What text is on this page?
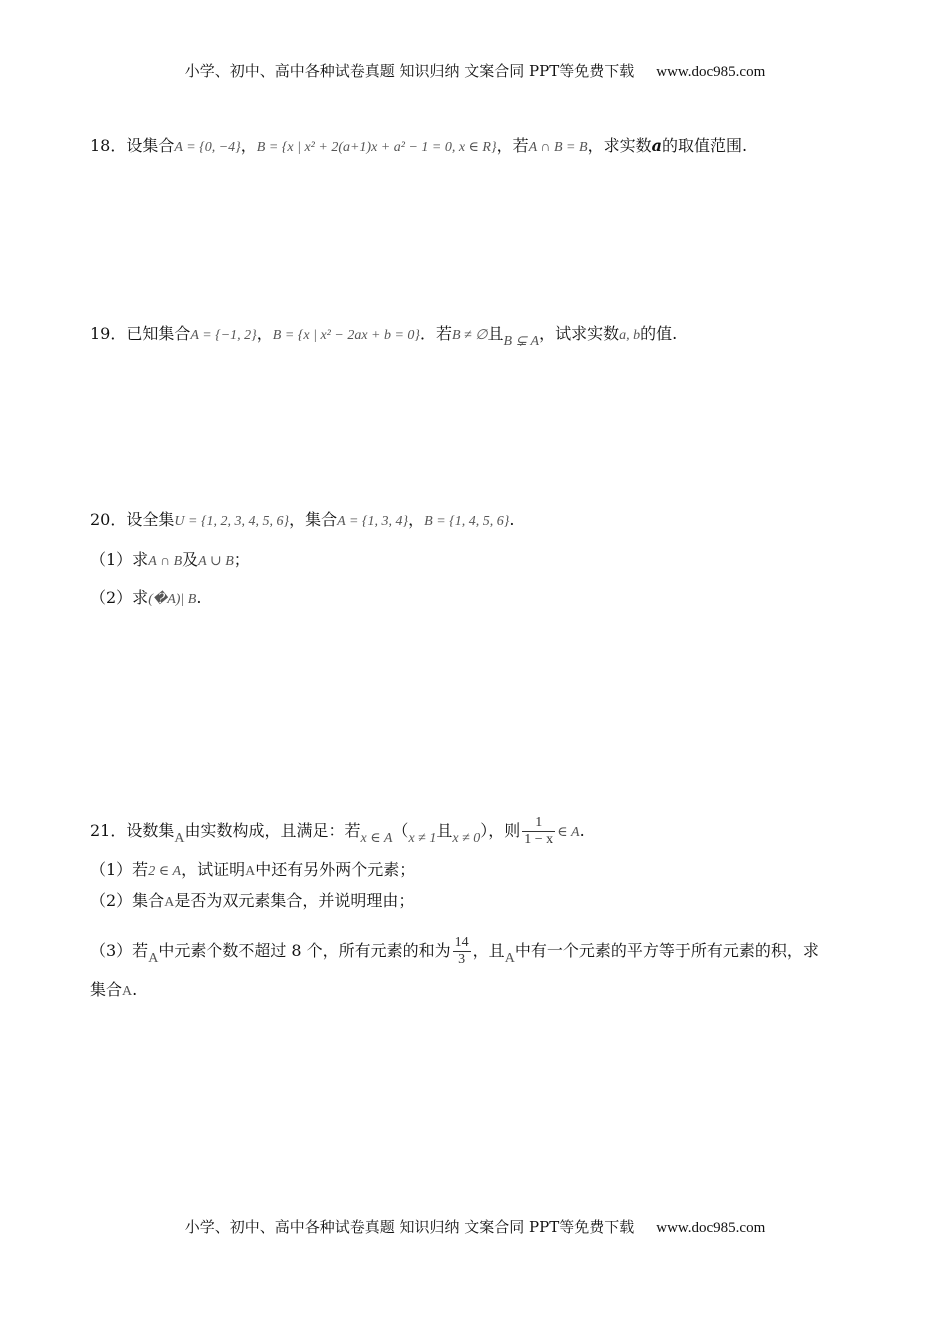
小学、初中、高中各种试卷真题 知识归纳 文案合同 PPT等免费下载 www.doc985.com
18．设集合A = {0, −4}，B = {x | x² + 2(a+1)x + a² − 1 = 0, x ∈ R}，若A ∩ B = B，求实数a的取值范围.
19．已知集合A = {−1, 2}，B = {x | x² − 2ax + b = 0}．若B ≠ ∅且B ⊊ A，试求实数a, b的值.
20．设全集U = {1, 2, 3, 4, 5, 6}，集合A = {1, 3, 4}，B = {1, 4, 5, 6}.
（1）求A ∩ B及A ∪ B；
（2）求(�A)| B.
21．设数集A由实数构成，且满足：若x ∈ A（x ≠ 1且x ≠ 0），则 $\frac{1}{1 - x}$ ∈ A.
（1）若2 ∈ A，试证明A中还有另外两个元素；
（2）集合A是否为双元素集合，并说明理由；
（3）若A中元素个数不超过 8 个，所有元素的和为 $\frac{14}{3}$ ，且A中有一个元素的平方等于所有元素的积，求
集合A.
小学、初中、高中各种试卷真题 知识归纳 文案合同 PPT等免费下载 www.doc985.com
